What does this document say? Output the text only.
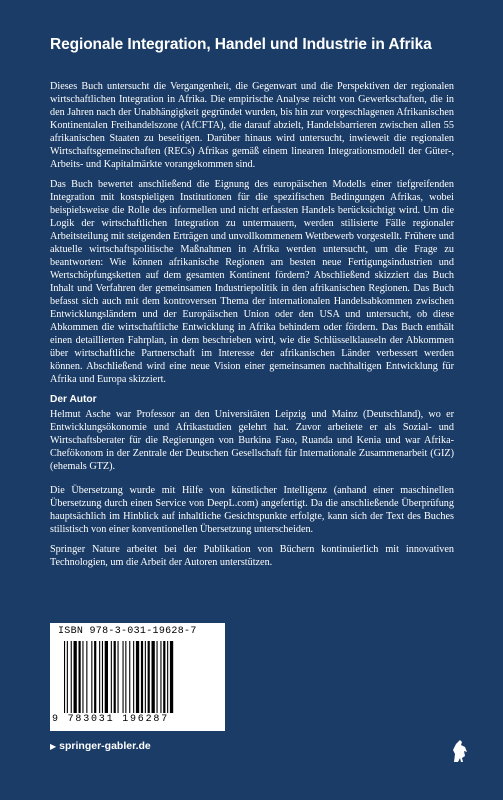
Regionale Integration, Handel und Industrie in Afrika

Dieses Buch untersucht die Vergangenheit, die Gegenwart und die Perspektiven der regionalen wirtschaftlichen Integration in Afrika. Die empirische Analyse reicht von Gewerkschaften, die in den Jahren nach der Unabhängigkeit gegründet wurden, bis hin zur vorgeschlagenen Afrikanischen Kontinentalen Freihandelszone (AfCFTA), die darauf abzielt, Handelsbarrieren zwischen allen 55 afrikanischen Staaten zu beseitigen. Darüber hinaus wird untersucht, inwieweit die regionalen Wirtschaftsgemeinschaften (RECs) Afrikas gemäß einem linearen Integrationsmodell der Güter-, Arbeits- und Kapitalmärkte vorangekommen sind.

Das Buch bewertet anschließend die Eignung des europäischen Modells einer tiefgreifenden Integration mit kostspieligen Institutionen für die spezifischen Bedingungen Afrikas, wobei beispielsweise die Rolle des informellen und nicht erfassten Handels berücksichtigt wird. Um die Logik der wirtschaftlichen Integration zu untermauern, werden stilisierte Fälle regionaler Arbeitsteilung mit steigenden Erträgen und unvollkommenem Wettbewerb vorgestellt. Frühere und aktuelle wirtschaftspolitische Maßnahmen in Afrika werden untersucht, um die Frage zu beantworten: Wie können afrikanische Regionen am besten neue Fertigungsindustrien und Wertschöpfungsketten auf dem gesamten Kontinent fördern? Abschließend skizziert das Buch Inhalt und Verfahren der gemeinsamen Industriepolitik in den afrikanischen Regionen. Das Buch befasst sich auch mit dem kontroversen Thema der internationalen Handelsabkommen zwischen Entwicklungsländern und der Europäischen Union oder den USA und untersucht, ob diese Abkommen die wirtschaftliche Entwicklung in Afrika behindern oder fördern. Das Buch enthält einen detaillierten Fahrplan, in dem beschrieben wird, wie die Schlüsselklauseln der Abkommen über wirtschaftliche Partnerschaft im Interesse der afrikanischen Länder verbessert werden können. Abschließend wird eine neue Vision einer gemeinsamen nachhaltigen Entwicklung für Afrika und Europa skizziert.

Der Autor

Helmut Asche war Professor an den Universitäten Leipzig und Mainz (Deutschland), wo er Entwicklungsökonomie und Afrikastudien gelehrt hat. Zuvor arbeitete er als Sozial- und Wirtschaftsberater für die Regierungen von Burkina Faso, Ruanda und Kenia und war Afrika-Chefökonom in der Zentrale der Deutschen Gesellschaft für Internationale Zusammenarbeit (GIZ) (ehemals GTZ).

Die Übersetzung wurde mit Hilfe von künstlicher Intelligenz (anhand einer maschinellen Übersetzung durch einen Service von DeepL.com) angefertigt. Da die anschließende Überprüfung hauptsächlich im Hinblick auf inhaltliche Gesichtspunkte erfolgte, kann sich der Text des Buches stilistisch von einer konventionellen Übersetzung unterscheiden.

Springer Nature arbeitet bei der Publikation von Büchern kontinuierlich mit innovativen Technologien, um die Arbeit der Autoren unterstützen.

ISBN 978-3-031-19628-7
9 783031 196287
▶ springer-gabler.de
